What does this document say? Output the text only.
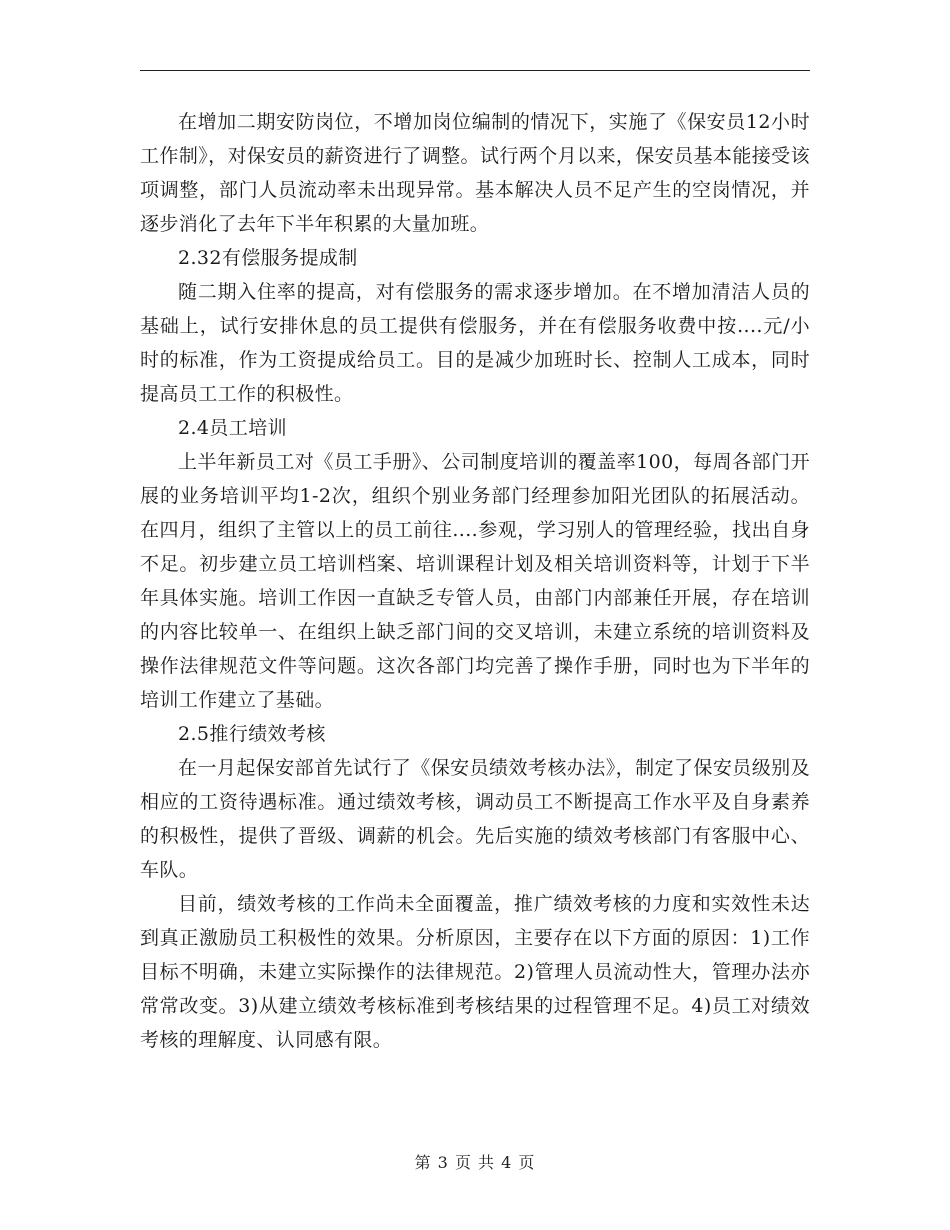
在增加二期安防岗位，不增加岗位编制的情况下，实施了《保安员12小时工作制》，对保安员的薪资进行了调整。试行两个月以来，保安员基本能接受该项调整，部门人员流动率未出现异常。基本解决人员不足产生的空岗情况，并逐步消化了去年下半年积累的大量加班。

2.32有偿服务提成制

随二期入住率的提高，对有偿服务的需求逐步增加。在不增加清洁人员的基础上，试行安排休息的员工提供有偿服务，并在有偿服务收费中按....元/小时的标准，作为工资提成给员工。目的是减少加班时长、控制人工成本，同时提高员工工作的积极性。

2.4员工培训

上半年新员工对《员工手册》、公司制度培训的覆盖率100，每周各部门开展的业务培训平均1-2次，组织个别业务部门经理参加阳光团队的拓展活动。在四月，组织了主管以上的员工前往....参观，学习别人的管理经验，找出自身不足。初步建立员工培训档案、培训课程计划及相关培训资料等，计划于下半年具体实施。培训工作因一直缺乏专管人员，由部门内部兼任开展，存在培训的内容比较单一、在组织上缺乏部门间的交叉培训，未建立系统的培训资料及操作法律规范文件等问题。这次各部门均完善了操作手册，同时也为下半年的培训工作建立了基础。

2.5推行绩效考核

在一月起保安部首先试行了《保安员绩效考核办法》，制定了保安员级别及相应的工资待遇标准。通过绩效考核，调动员工不断提高工作水平及自身素养的积极性，提供了晋级、调薪的机会。先后实施的绩效考核部门有客服中心、车队。

目前，绩效考核的工作尚未全面覆盖，推广绩效考核的力度和实效性未达到真正激励员工积极性的效果。分析原因，主要存在以下方面的原因：1)工作目标不明确，未建立实际操作的法律规范。2)管理人员流动性大，管理办法亦常常改变。3)从建立绩效考核标准到考核结果的过程管理不足。4)员工对绩效考核的理解度、认同感有限。

第 3 页 共 4 页
